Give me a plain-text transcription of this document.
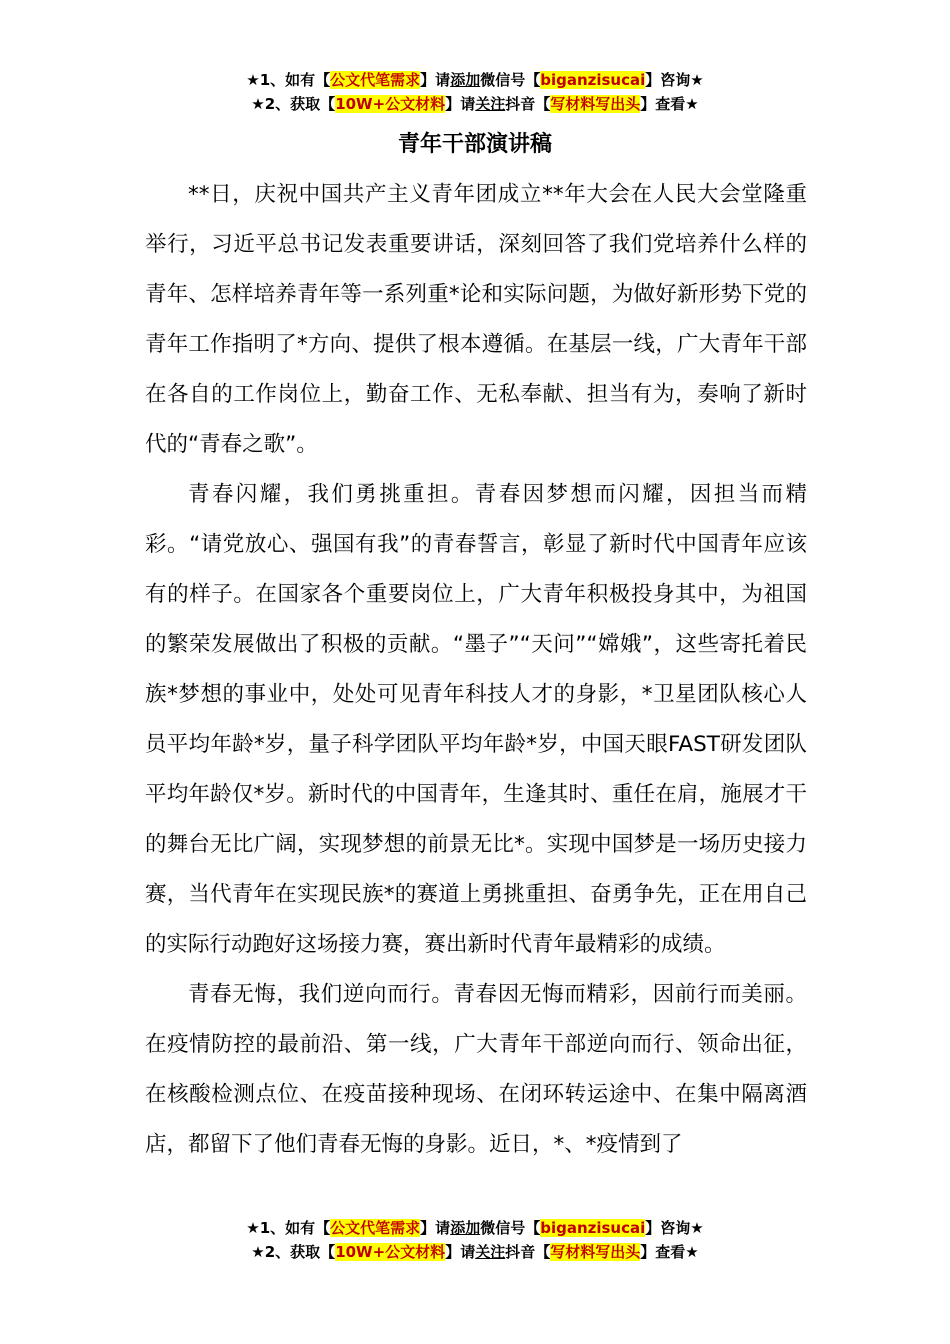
★1、如有【公文代笔需求】请添加微信号【biganzisucai】咨询★
★2、获取【10W+公文材料】请关注抖音【写材料写出头】查看★
青年干部演讲稿

**日，庆祝中国共产主义青年团成立**年大会在人民大会堂隆重举行，习近平总书记发表重要讲话，深刻回答了我们党培养什么样的青年、怎样培养青年等一系列重*论和实际问题，为做好新形势下党的青年工作指明了*方向、提供了根本遵循。在基层一线，广大青年干部在各自的工作岗位上，勤奋工作、无私奉献、担当有为，奏响了新时代的“青春之歌”。

青春闪耀，我们勇挑重担。青春因梦想而闪耀，因担当而精彩。“请党放心、强国有我”的青春誓言，彰显了新时代中国青年应该有的样子。在国家各个重要岗位上，广大青年积极投身其中，为祖国的繁荣发展做出了积极的贡献。“墨子”“天问”“嫦娥”，这些寄托着民族*梦想的事业中，处处可见青年科技人才的身影，*卫星团队核心人员平均年龄*岁，量子科学团队平均年龄*岁，中国天眼FAST研发团队平均年龄仅*岁。新时代的中国青年，生逢其时、重任在肩，施展才干的舞台无比广阔，实现梦想的前景无比*。实现中国梦是一场历史接力赛，当代青年在实现民族*的赛道上勇挑重担、奋勇争先，正在用自己的实际行动跑好这场接力赛，赛出新时代青年最精彩的成绩。

青春无悔，我们逆向而行。青春因无悔而精彩，因前行而美丽。在疫情防控的最前沿、第一线，广大青年干部逆向而行、领命出征，在核酸检测点位、在疫苗接种现场、在闭环转运途中、在集中隔离酒店，都留下了他们青春无悔的身影。近日，*、*疫情到了

★1、如有【公文代笔需求】请添加微信号【biganzisucai】咨询★
★2、获取【10W+公文材料】请关注抖音【写材料写出头】查看★
